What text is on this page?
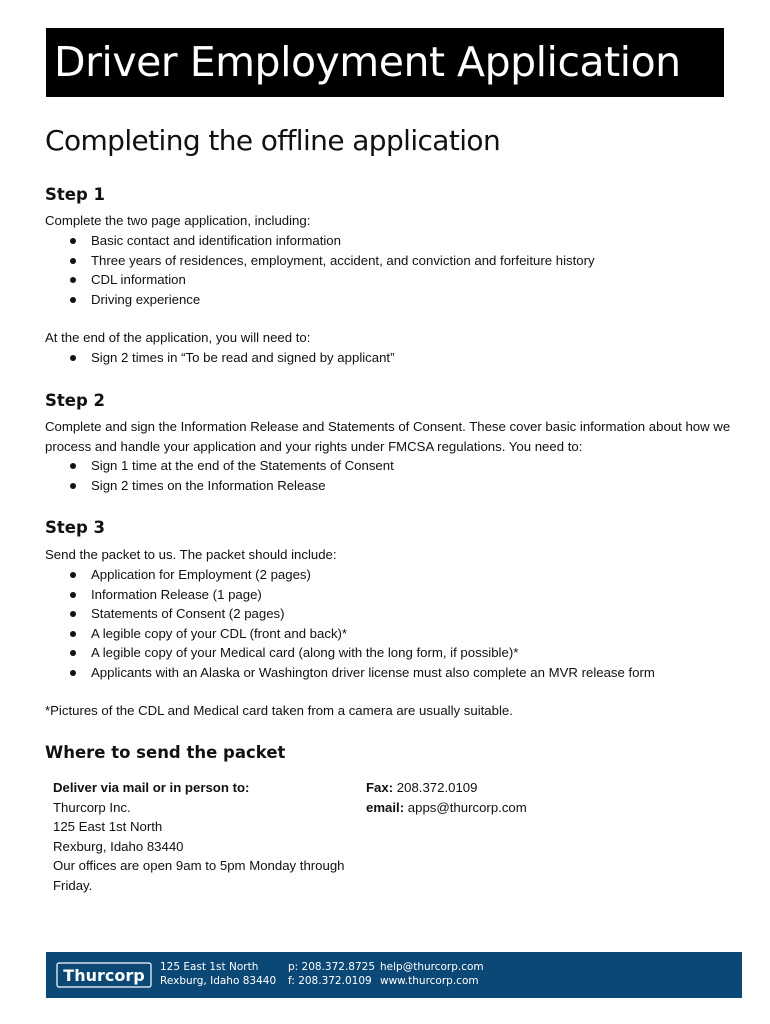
Driver Employment Application
Completing the offline application
Step 1
Complete the two page application, including:
Basic contact and identification information
Three years of residences, employment, accident, and conviction and forfeiture history
CDL information
Driving experience
At the end of the application, you will need to:
Sign 2 times in “To be read and signed by applicant”
Step 2
Complete and sign the Information Release and Statements of Consent. These cover basic information about how we process and handle your application and your rights under FMCSA regulations. You need to:
Sign 1 time at the end of the Statements of Consent
Sign 2 times on the Information Release
Step 3
Send the packet to us. The packet should include:
Application for Employment (2 pages)
Information Release (1 page)
Statements of Consent (2 pages)
A legible copy of your CDL (front and back)*
A legible copy of your Medical card (along with the long form, if possible)*
Applicants with an Alaska or Washington driver license must also complete an MVR release form
*Pictures of the CDL and Medical card taken from a camera are usually suitable.
Where to send the packet
Deliver via mail or in person to:
Thurcorp Inc.
125 East 1st North
Rexburg, Idaho 83440
Our offices are open 9am to 5pm Monday through Friday.
Fax: 208.372.0109
email: apps@thurcorp.com
Thurcorp 125 East 1st North
Rexburg, Idaho 83440
p: 208.372.8725
f: 208.372.0109
help@thurcorp.com
www.thurcorp.com
